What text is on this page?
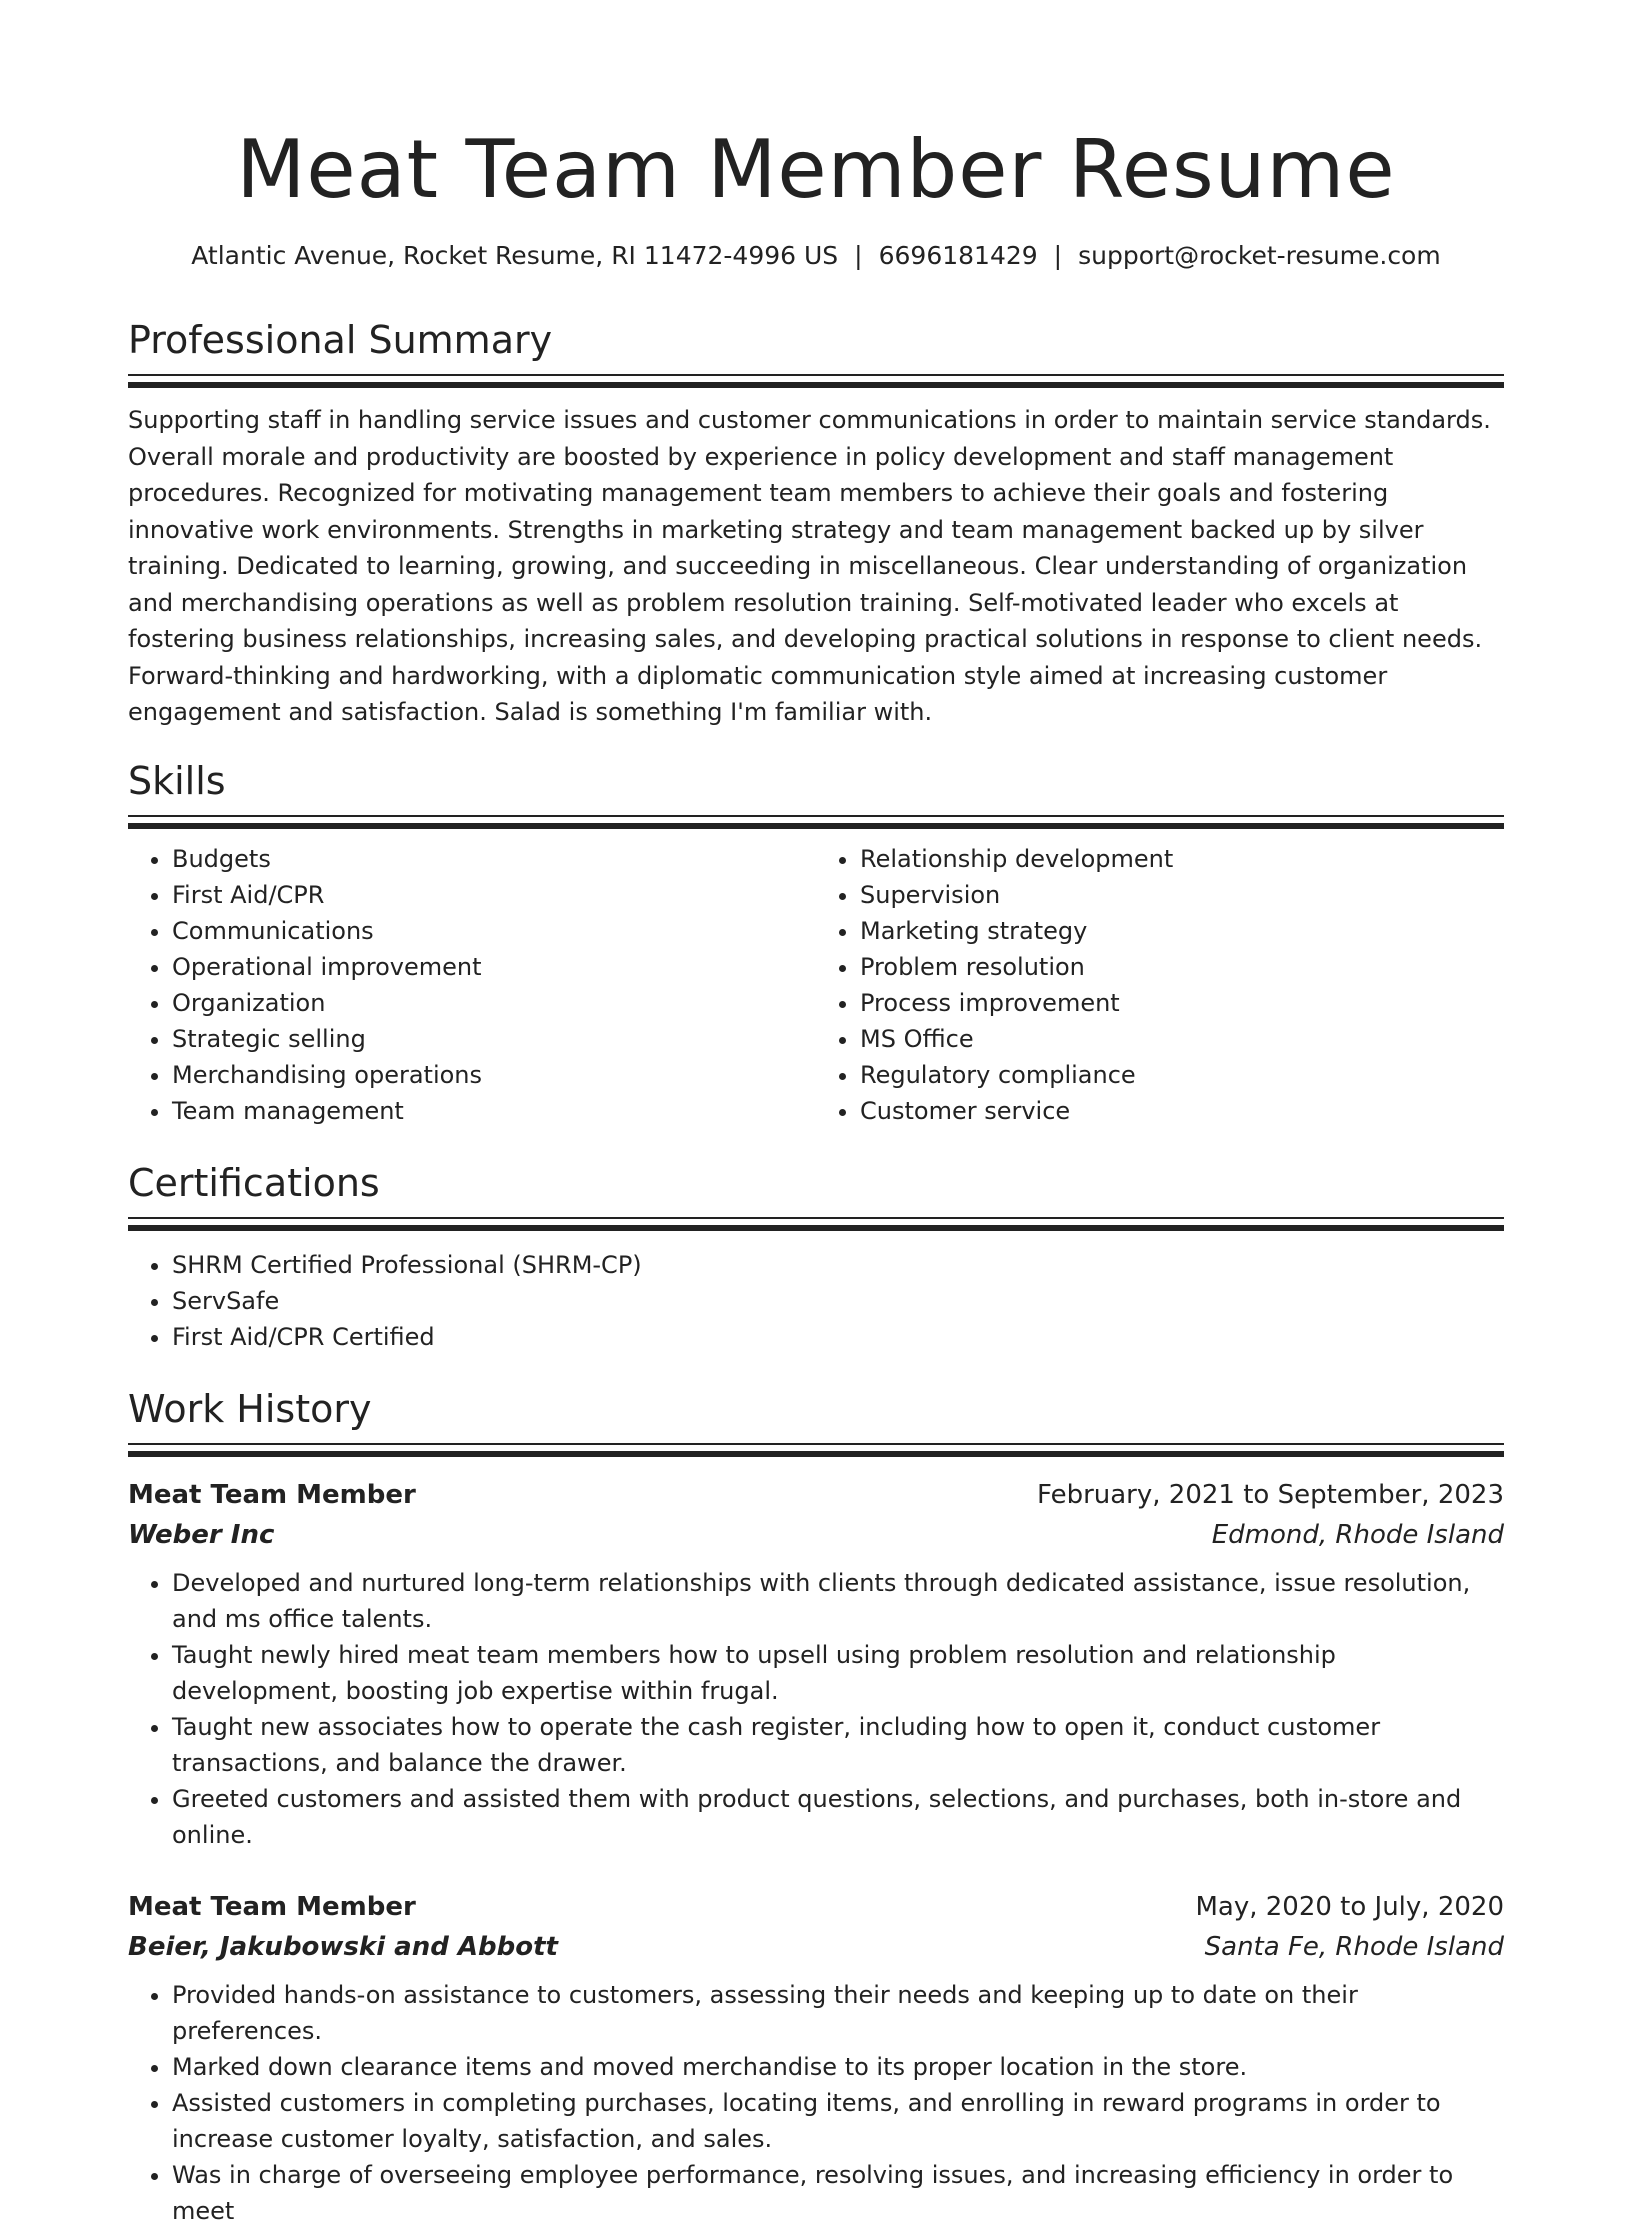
Meat Team Member Resume
Atlantic Avenue, Rocket Resume, RI 11472-4996 US | 6696181429 | support@rocket-resume.com
Professional Summary

Supporting staff in handling service issues and customer communications in order to maintain service standards. Overall morale and productivity are boosted by experience in policy development and staff management procedures. Recognized for motivating management team members to achieve their goals and fostering innovative work environments. Strengths in marketing strategy and team management backed up by silver training. Dedicated to learning, growing, and succeeding in miscellaneous. Clear understanding of organization and merchandising operations as well as problem resolution training. Self-motivated leader who excels at fostering business relationships, increasing sales, and developing practical solutions in response to client needs. Forward-thinking and hardworking, with a diplomatic communication style aimed at increasing customer engagement and satisfaction. Salad is something I'm familiar with.

Skills
• Budgets
• First Aid/CPR
• Communications
• Operational improvement
• Organization
• Strategic selling
• Merchandising operations
• Team management
• Relationship development
• Supervision
• Marketing strategy
• Problem resolution
• Process improvement
• MS Office
• Regulatory compliance
• Customer service
Certifications
• SHRM Certified Professional (SHRM-CP)
• ServSafe
• First Aid/CPR Certified
Work History
Meat Team Member	February, 2021 to September, 2023
Weber Inc	Edmond, Rhode Island
• Developed and nurtured long-term relationships with clients through dedicated assistance, issue resolution, and ms office talents.
• Taught newly hired meat team members how to upsell using problem resolution and relationship development, boosting job expertise within frugal.
• Taught new associates how to operate the cash register, including how to open it, conduct customer transactions, and balance the drawer.
• Greeted customers and assisted them with product questions, selections, and purchases, both in-store and online.
Meat Team Member	May, 2020 to July, 2020
Beier, Jakubowski and Abbott	Santa Fe, Rhode Island
• Provided hands-on assistance to customers, assessing their needs and keeping up to date on their preferences.
• Marked down clearance items and moved merchandise to its proper location in the store.
• Assisted customers in completing purchases, locating items, and enrolling in reward programs in order to increase customer loyalty, satisfaction, and sales.
• Was in charge of overseeing employee performance, resolving issues, and increasing efficiency in order to meet
